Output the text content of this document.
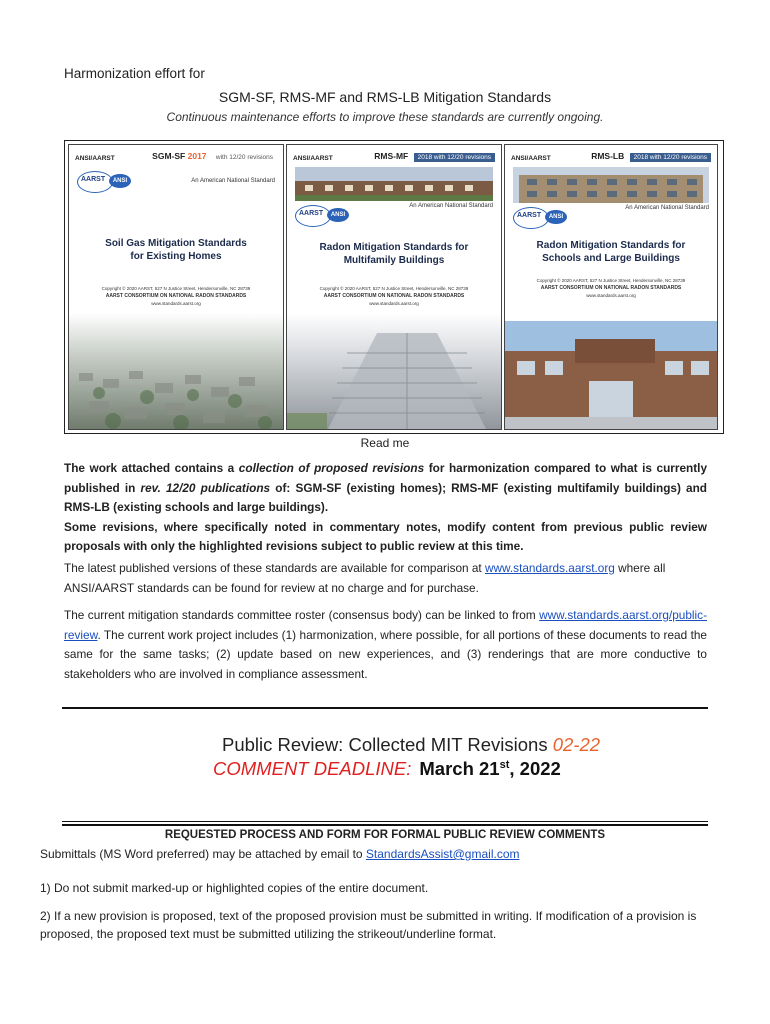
Harmonization effort for
SGM-SF, RMS-MF and RMS-LB Mitigation Standards
Continuous maintenance efforts to improve these standards are currently ongoing.
ANSI/AARST	SGM-SF 2017 with 12/20 revisions
AARST	ANSI	An American National Standard
Soil Gas Mitigation Standards
for Existing Homes
Copyright © 2020 AARST, 527 N Justice Street, Hendersonville, NC 28739
AARST CONSORTIUM ON NATIONAL RADON STANDARDS
www.standards.aarst.org
ANSI/AARST	RMS-MF 2018 with 12/20 revisions
AARST	ANSI
An American National Standard
Radon Mitigation Standards for
Multifamily Buildings
Copyright © 2020 AARST, 527 N Justice Street, Hendersonville, NC 28739
AARST CONSORTIUM ON NATIONAL RADON STANDARDS
www.standards.aarst.org
ANSI/AARST	RMS-LB 2018 with 12/20 revisions
AARST	ANSI
An American National Standard
Radon Mitigation Standards for
Schools and Large Buildings
Copyright © 2020 AARST, 527 N Justice Street, Hendersonville, NC 28739
AARST CONSORTIUM ON NATIONAL RADON STANDARDS
www.standards.aarst.org
Read me
The work attached contains a collection of proposed revisions for harmonization compared to what is currently published in rev. 12/20 publications of: SGM-SF (existing homes); RMS-MF (existing multifamily buildings) and RMS-LB (existing schools and large buildings).
Some revisions, where specifically noted in commentary notes, modify content from previous public review proposals with only the highlighted revisions subject to public review at this time.
The latest published versions of these standards are available for comparison at www.standards.aarst.org where all ANSI/AARST standards can be found for review at no charge and for purchase.
The current mitigation standards committee roster (consensus body) can be linked to from www.standards.aarst.org/public-review. The current work project includes (1) harmonization, where possible, for all portions of these documents to read the same for the same tasks; (2) update based on new experiences, and (3) renderings that are more conductive to stakeholders who are involved in compliance assessment.
Public Review: Collected MIT Revisions 02-22
COMMENT DEADLINE: March 21st, 2022
REQUESTED PROCESS AND FORM FOR FORMAL PUBLIC REVIEW COMMENTS
Submittals (MS Word preferred) may be attached by email to StandardsAssist@gmail.com
1) Do not submit marked-up or highlighted copies of the entire document.
2) If a new provision is proposed, text of the proposed provision must be submitted in writing. If modification of a provision is proposed, the proposed text must be submitted utilizing the strikeout/underline format.
